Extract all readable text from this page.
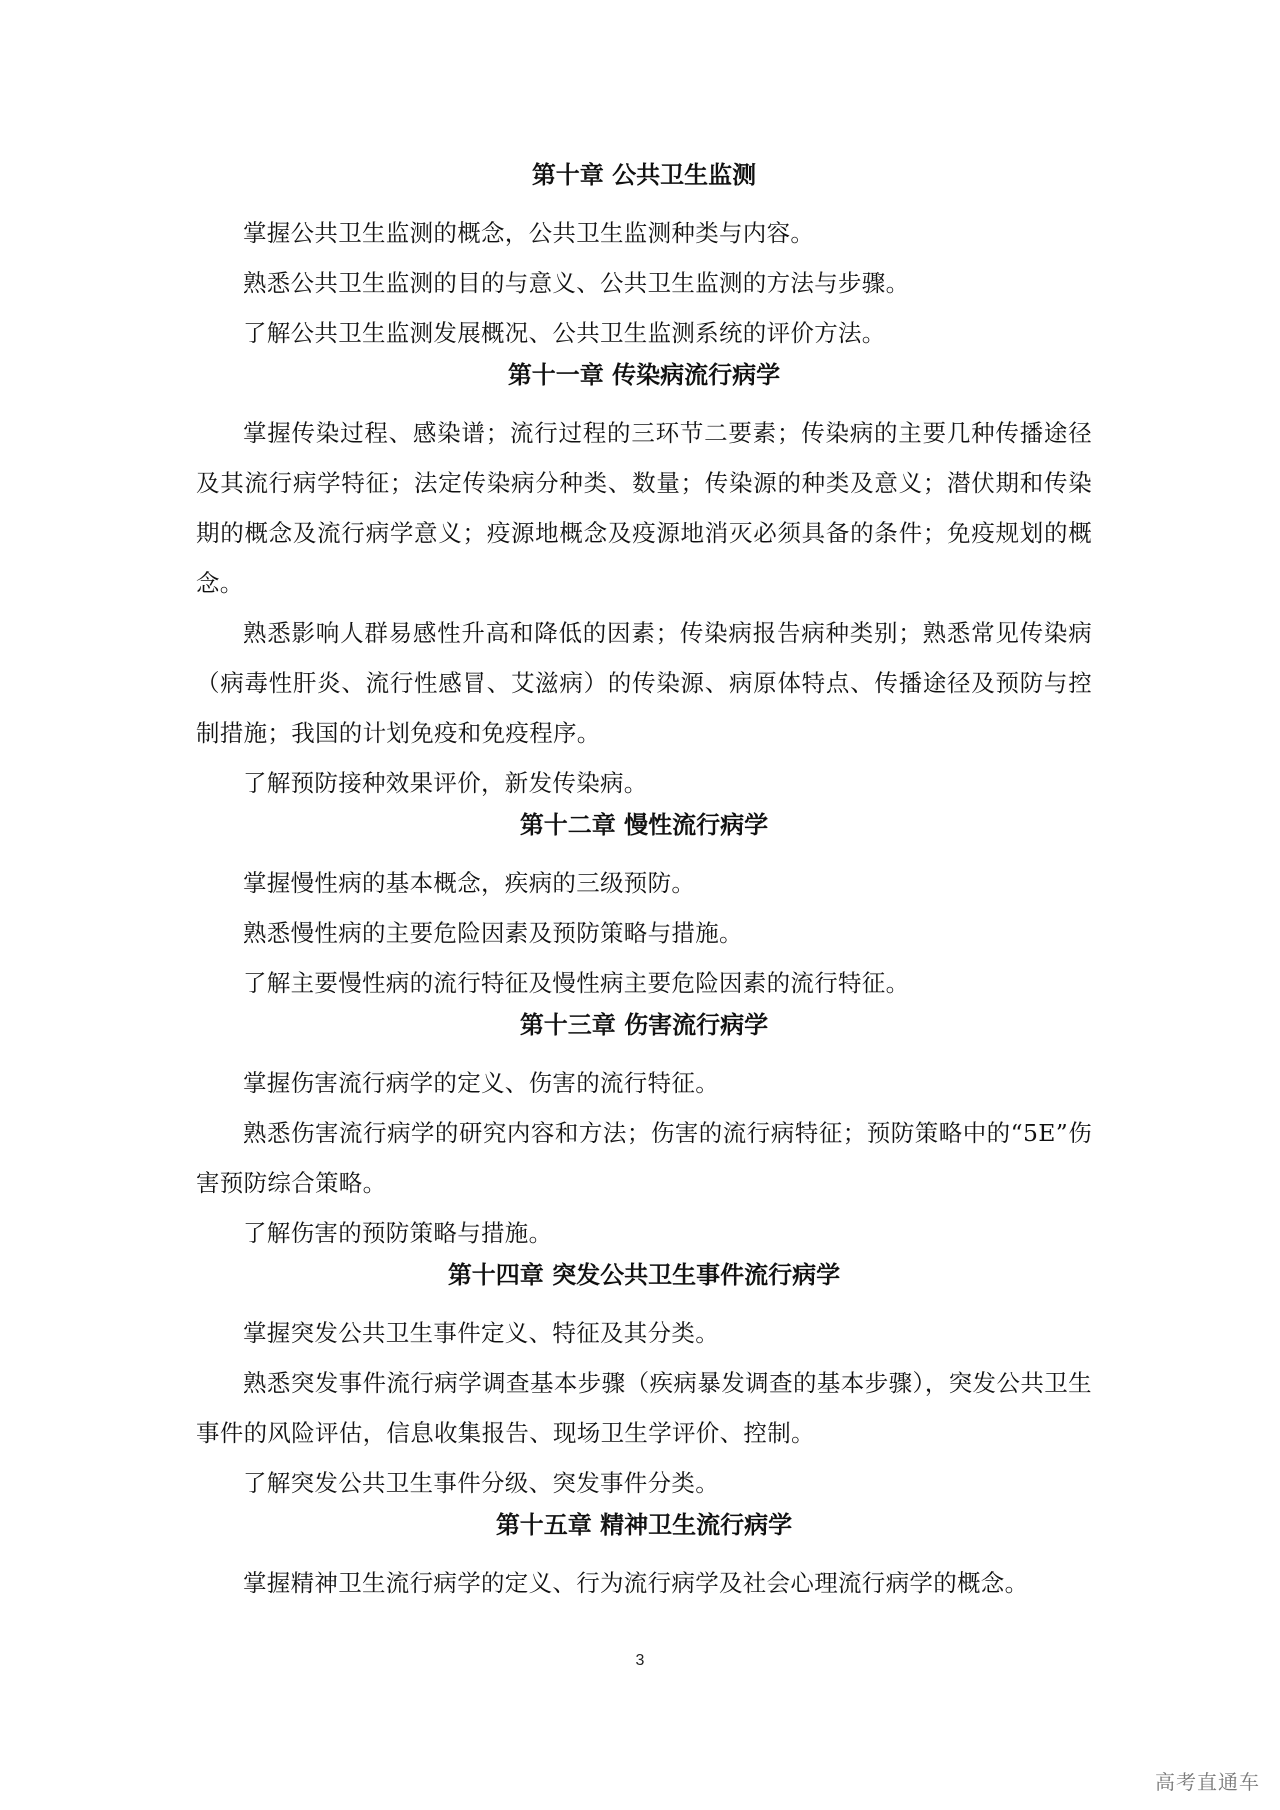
第十章 公共卫生监测

掌握公共卫生监测的概念，公共卫生监测种类与内容。

熟悉公共卫生监测的目的与意义、公共卫生监测的方法与步骤。

了解公共卫生监测发展概况、公共卫生监测系统的评价方法。

第十一章 传染病流行病学

掌握传染过程、感染谱；流行过程的三环节二要素；传染病的主要几种传播途径及其流行病学特征；法定传染病分种类、数量；传染源的种类及意义；潜伏期和传染期的概念及流行病学意义；疫源地概念及疫源地消灭必须具备的条件；免疫规划的概念。

熟悉影响人群易感性升高和降低的因素；传染病报告病种类别；熟悉常见传染病（病毒性肝炎、流行性感冒、艾滋病）的传染源、病原体特点、传播途径及预防与控制措施；我国的计划免疫和免疫程序。

了解预防接种效果评价，新发传染病。

第十二章 慢性流行病学

掌握慢性病的基本概念，疾病的三级预防。

熟悉慢性病的主要危险因素及预防策略与措施。

了解主要慢性病的流行特征及慢性病主要危险因素的流行特征。

第十三章 伤害流行病学

掌握伤害流行病学的定义、伤害的流行特征。

熟悉伤害流行病学的研究内容和方法；伤害的流行病特征；预防策略中的“5E”伤害预防综合策略。

了解伤害的预防策略与措施。

第十四章 突发公共卫生事件流行病学

掌握突发公共卫生事件定义、特征及其分类。

熟悉突发事件流行病学调查基本步骤（疾病暴发调查的基本步骤），突发公共卫生事件的风险评估，信息收集报告、现场卫生学评价、控制。

了解突发公共卫生事件分级、突发事件分类。

第十五章 精神卫生流行病学

掌握精神卫生流行病学的定义、行为流行病学及社会心理流行病学的概念。

3
高考直通车
